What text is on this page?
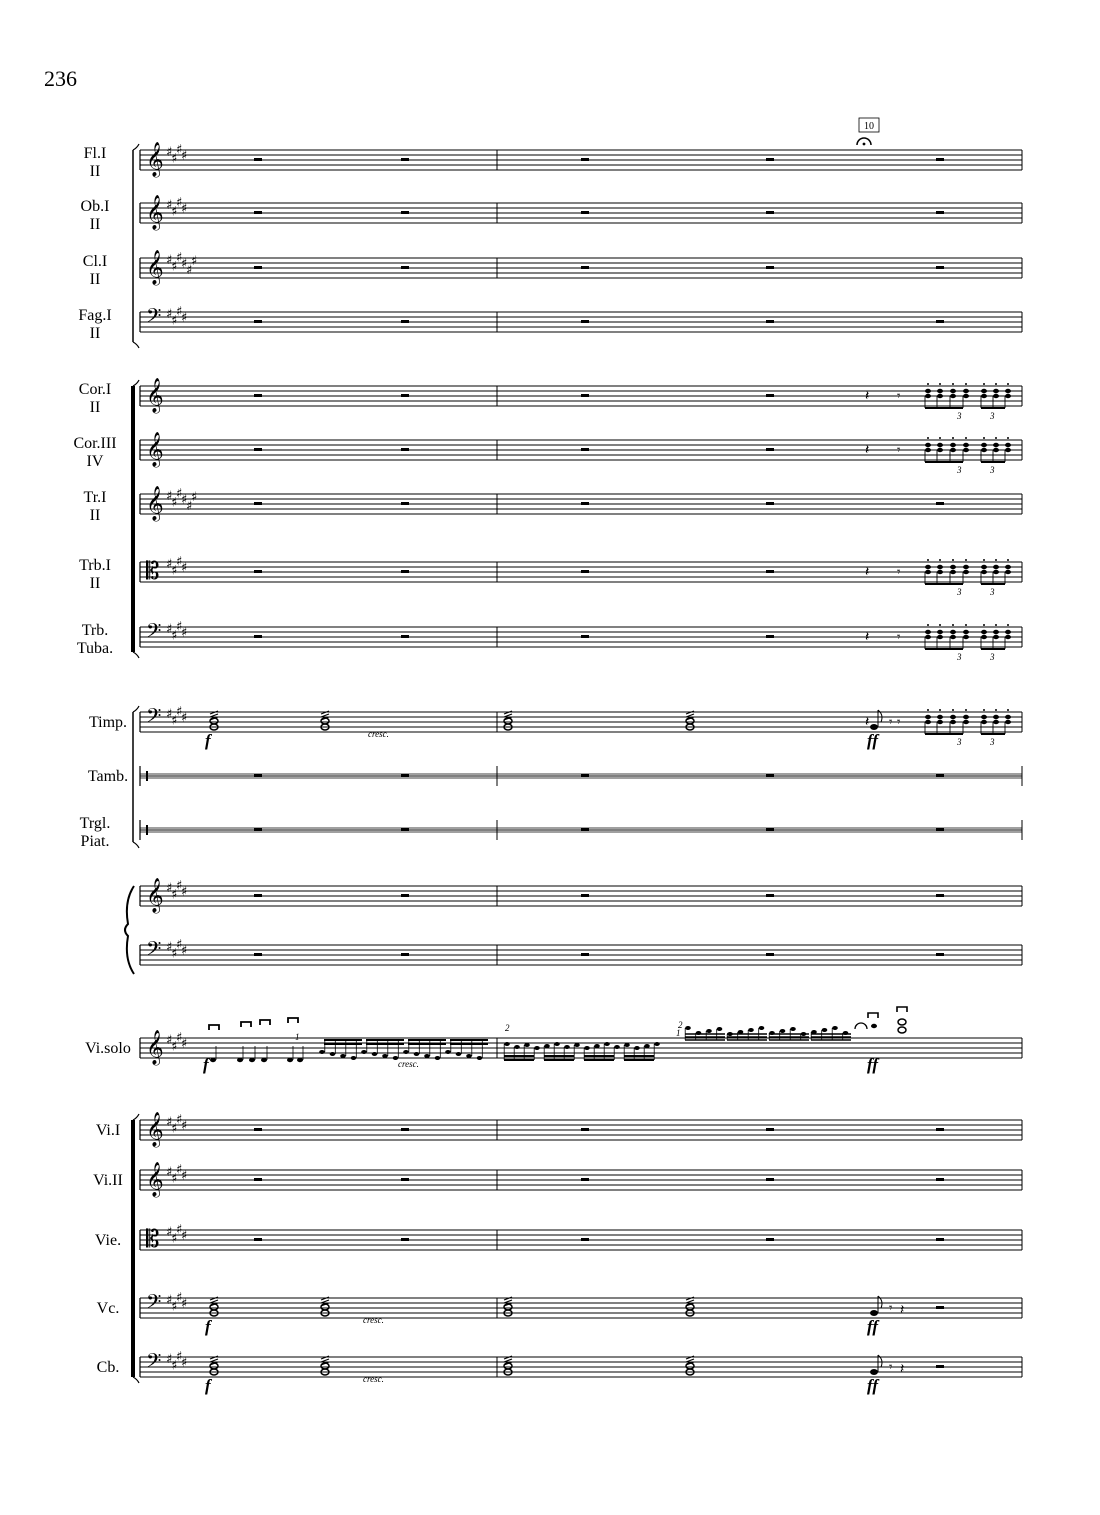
236
𝄞 ♯
♯
♯
♯
Fl.I
II
𝄞 ♯
♯
♯
♯
Ob.I
II
𝄞 ♯
♯
♯
♯
♯
♯
Cl.I
II
𝄢 ♯
♯
♯
♯
Fag.I
II
𝄞
Cor.I
II
𝄞
Cor.III
IV
𝄞 ♯
♯
♯
♯
♯
♯
Tr.I
II
𝄡 ♯
♯
♯
♯
Trb.I
II
𝄢 ♯
♯
♯
♯
Trb.
Tuba.
𝄢 ♯
♯
♯
♯
Timp.
Tamb.
Trgl.
Piat.
𝄞 ♯
♯
♯
♯
𝄢 ♯
♯
♯
♯
𝄞 ♯
♯
♯
♯
Vi.solo
𝄞 ♯
♯
♯
♯
Vi.I
𝄞 ♯
♯
♯
♯
Vi.II
𝄡 ♯
♯
♯
♯
Vie.
𝄢 ♯
♯
♯
♯
Vc.
𝄢 ♯
♯
♯
♯
Cb.
10
𝄾
f	ff
cresc.
𝄾 𝄽
f	ff
cresc.
𝄾 𝄽
f	ff
cresc.
𝄽 𝄾
3	3
𝄽 𝄾
3	3
𝄽 𝄾
3	3
𝄽 𝄾
3	3
𝄽 𝄾
3	3
f
1
cresc.
2	2
1
ff
